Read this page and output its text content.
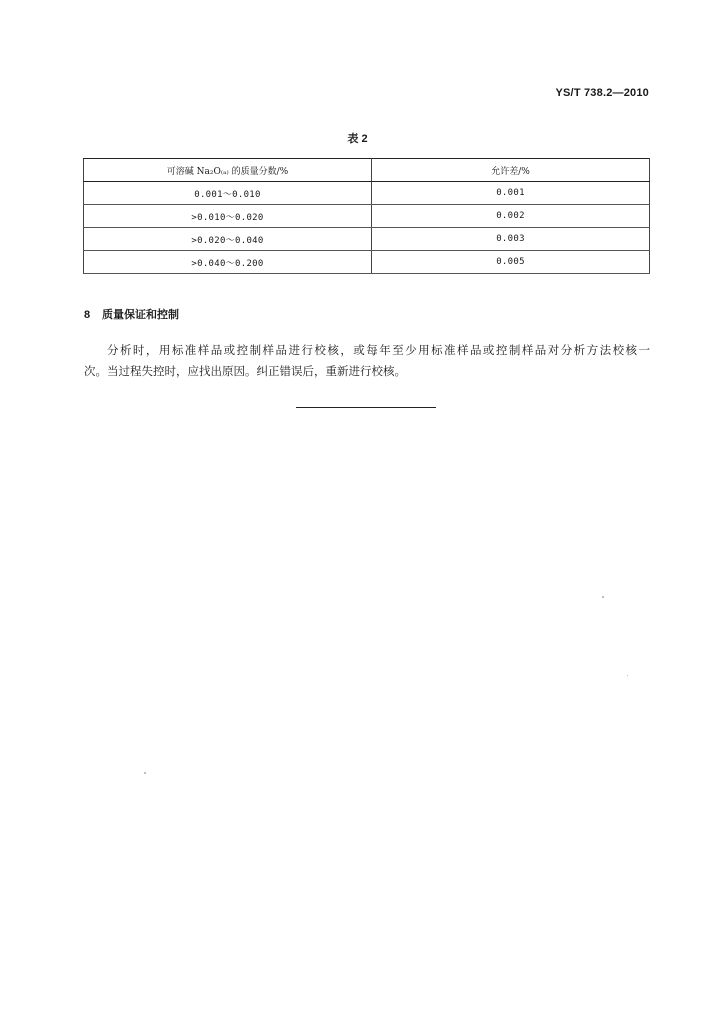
YS/T 738.2—2010
表 2
可溶碱 Na₂O₍ₐ₎ 的质量分数/%	允许差/%
0.001～0.010	0.001
>0.010～0.020	0.002
>0.020～0.040	0.003
>0.040～0.200	0.005
8 质量保证和控制
分析时，用标准样品或控制样品进行校核，或每年至少用标准样品或控制样品对分析方法校核一
次。当过程失控时，应找出原因。纠正错误后，重新进行校核。
